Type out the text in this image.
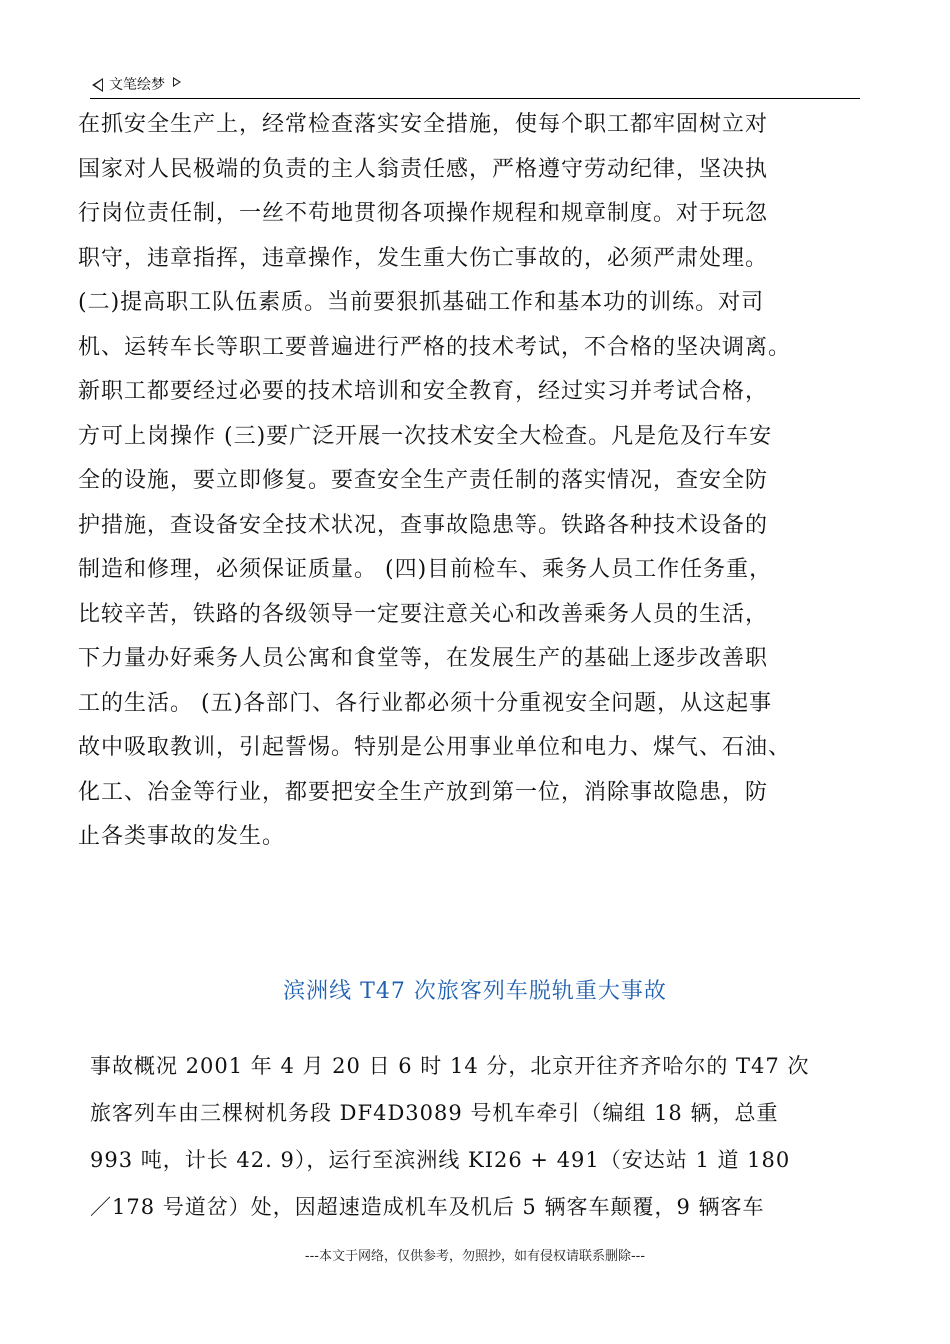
文笔绘梦
在抓安全生产上，经常检查落实安全措施，使每个职工都牢固树立对
国家对人民极端的负责的主人翁责任感，严格遵守劳动纪律，坚决执
行岗位责任制，一丝不苟地贯彻各项操作规程和规章制度。对于玩忽
职守，违章指挥，违章操作，发生重大伤亡事故的，必须严肃处理。
(二)提高职工队伍素质。当前要狠抓基础工作和基本功的训练。对司
机、运转车长等职工要普遍进行严格的技术考试，不合格的坚决调离。
新职工都要经过必要的技术培训和安全教育，经过实习并考试合格，
方可上岗操作 (三)要广泛开展一次技术安全大检查。凡是危及行车安
全的设施，要立即修复。要查安全生产责任制的落实情况，查安全防
护措施，查设备安全技术状况，查事故隐患等。铁路各种技术设备的
制造和修理，必须保证质量。 (四)目前检车、乘务人员工作任务重，
比较辛苦，铁路的各级领导一定要注意关心和改善乘务人员的生活，
下力量办好乘务人员公寓和食堂等，在发展生产的基础上逐步改善职
工的生活。 (五)各部门、各行业都必须十分重视安全问题，从这起事
故中吸取教训，引起誓惕。特别是公用事业单位和电力、煤气、石油、
化工、冶金等行业，都要把安全生产放到第一位，消除事故隐患，防
止各类事故的发生。
滨洲线 T47 次旅客列车脱轨重大事故
事故概况 2001 年 4 月 20 日 6 时 14 分，北京开往齐齐哈尔的 T47 次
旅客列车由三棵树机务段 DF4D3089 号机车牵引（编组 18 辆，总重
993 吨，计长 42. 9），运行至滨洲线 KI26 + 491（安达站 1 道 180
／178 号道岔）处，因超速造成机车及机后 5 辆客车颠覆，9 辆客车
---本文于网络，仅供参考，勿照抄，如有侵权请联系删除---
